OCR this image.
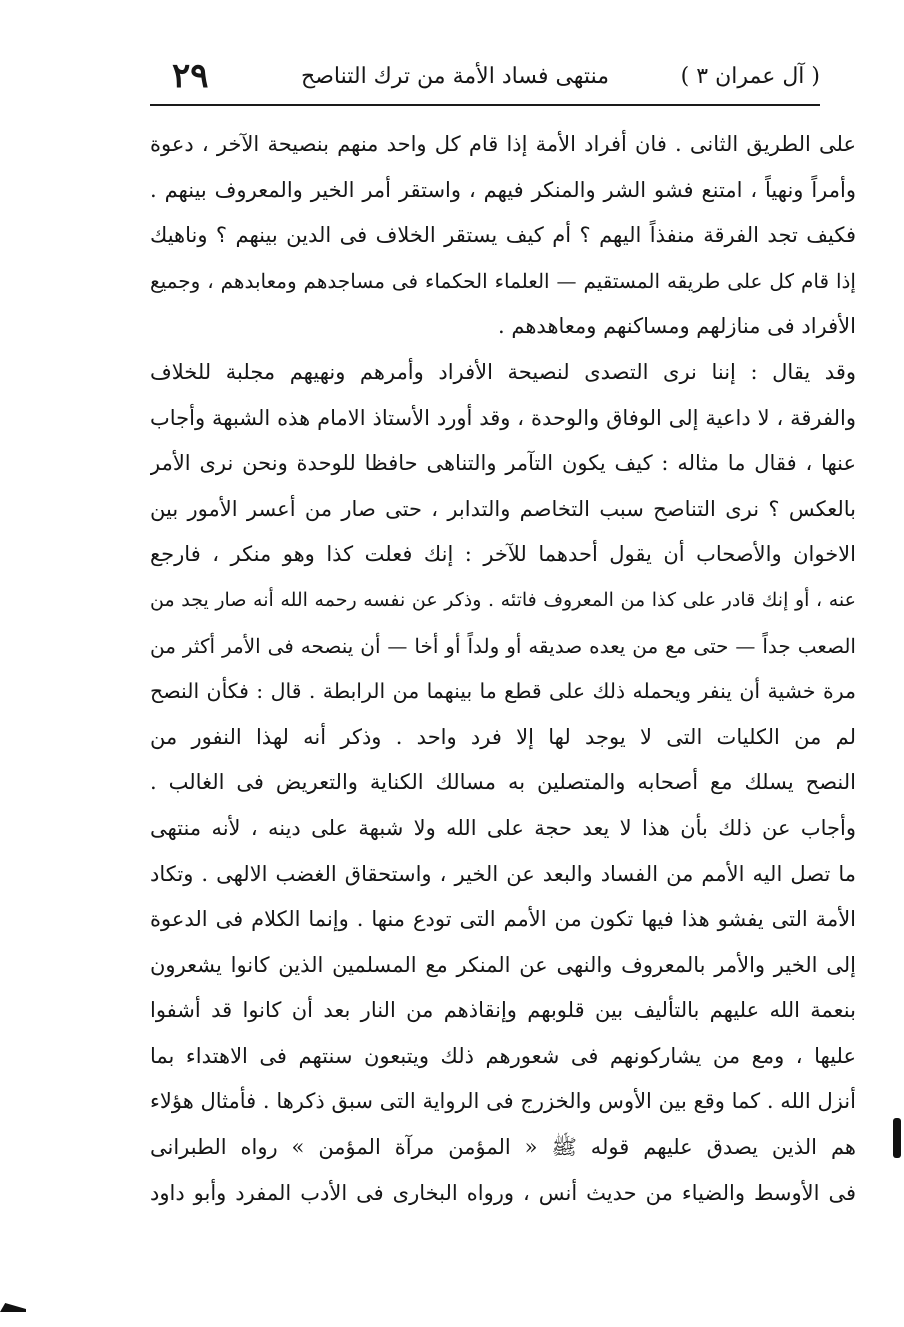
( آل عمران ٣ )
منتهى فساد الأمة من ترك التناصح
٢٩
على الطريق الثانى . فان أفراد الأمة إذا قام كل واحد منهم بنصيحة الآخر ، دعوة
وأمراً ونهياً ، امتنع فشو الشر والمنكر فيهم ، واستقر أمر الخير والمعروف بينهم .
فكيف تجد الفرقة منفذاً اليهم ؟ أم كيف يستقر الخلاف فى الدين بينهم ؟ وناهيك
إذا قام كل على طريقه المستقيم — العلماء الحكماء فى مساجدهم ومعابدهم ، وجميع
الأفراد فى منازلهم ومساكنهم ومعاهدهم .
وقد يقال : إننا نرى التصدى لنصيحة الأفراد وأمرهم ونهيهم مجلبة للخلاف
والفرقة ، لا داعية إلى الوفاق والوحدة ، وقد أورد الأستاذ الامام هذه الشبهة وأجاب
عنها ، فقال ما مثاله : كيف يكون التآمر والتناهى حافظا للوحدة ونحن نرى الأمر
بالعكس ؟ نرى التناصح سبب التخاصم والتدابر ، حتى صار من أعسر الأمور بين
الاخوان والأصحاب أن يقول أحدهما للآخر : إنك فعلت كذا وهو منكر ، فارجع
عنه ، أو إنك قادر على كذا من المعروف فاتئه . وذكر عن نفسه رحمه الله أنه صار يجد من
الصعب جداً — حتى مع من يعده صديقه أو ولداً أو أخا — أن ينصحه فى الأمر أكثر من
مرة خشية أن ينفر ويحمله ذلك على قطع ما بينهما من الرابطة . قال : فكأن النصح
لم من الكليات التى لا يوجد لها إلا فرد واحد . وذكر أنه لهذا النفور من
النصح يسلك مع أصحابه والمتصلين به مسالك الكناية والتعريض فى الغالب .
وأجاب عن ذلك بأن هذا لا يعد حجة على الله ولا شبهة على دينه ، لأنه منتهى
ما تصل اليه الأمم من الفساد والبعد عن الخير ، واستحقاق الغضب الالهى . وتكاد
الأمة التى يفشو هذا فيها تكون من الأمم التى تودع منها . وإنما الكلام فى الدعوة
إلى الخير والأمر بالمعروف والنهى عن المنكر مع المسلمين الذين كانوا يشعرون
بنعمة الله عليهم بالتأليف بين قلوبهم وإنقاذهم من النار بعد أن كانوا قد أشفوا
عليها ، ومع من يشاركونهم فى شعورهم ذلك ويتبعون سنتهم فى الاهتداء بما
أنزل الله . كما وقع بين الأوس والخزرج فى الرواية التى سبق ذكرها . فأمثال هؤلاء
هم الذين يصدق عليهم قوله ﷺ « المؤمن مرآة المؤمن » رواه الطبرانى
فى الأوسط والضياء من حديث أنس ، ورواه البخارى فى الأدب المفرد وأبو داود
